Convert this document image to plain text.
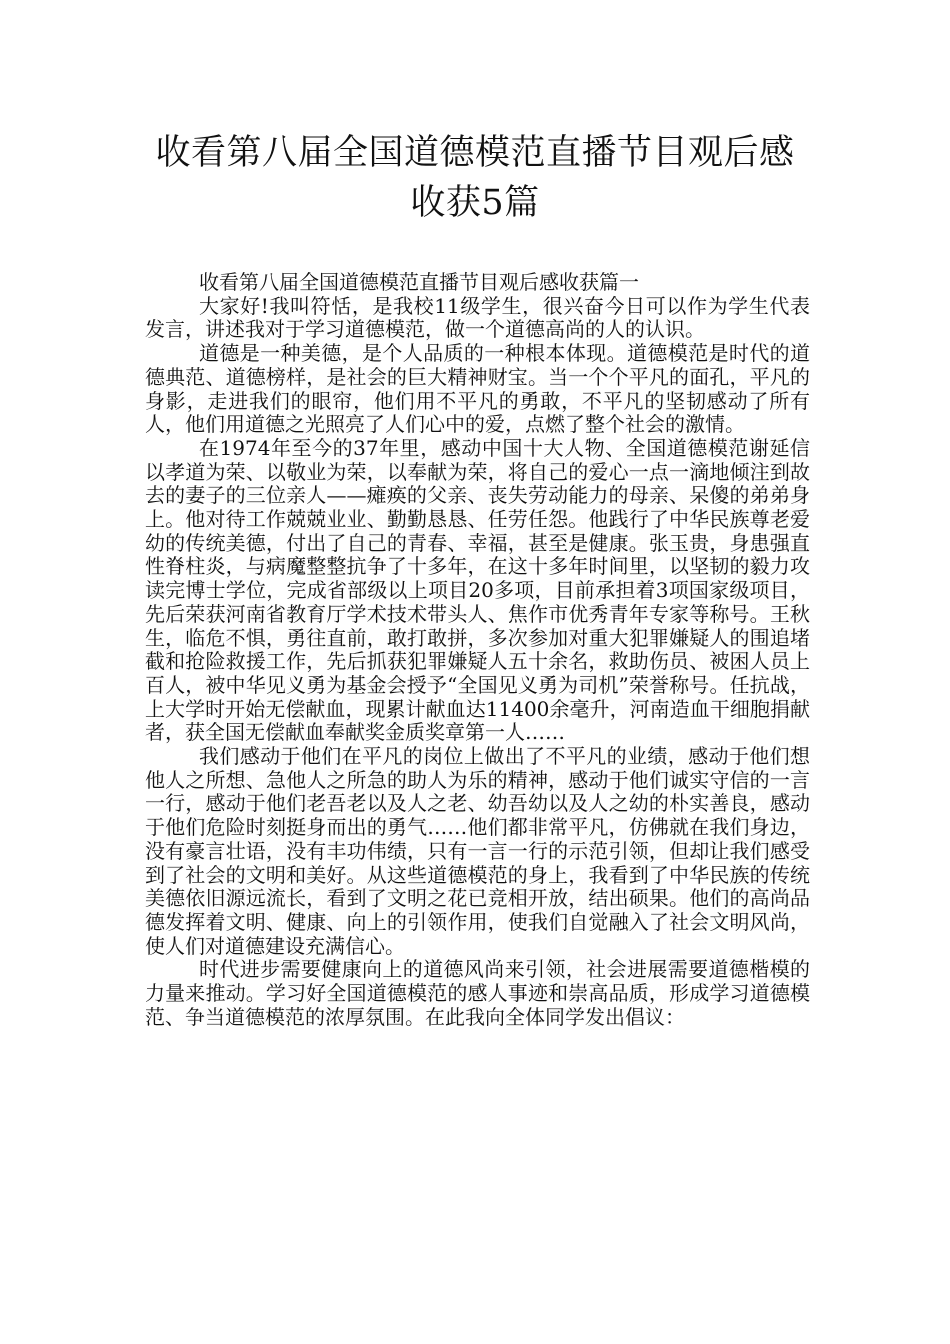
收看第八届全国道德模范直播节目观后感
收获5篇

收看第八届全国道德模范直播节目观后感收获篇一

大家好!我叫符恬，是我校11级学生，很兴奋今日可以作为学生代表发言，讲述我对于学习道德模范，做一个道德高尚的人的认识。

道德是一种美德，是个人品质的一种根本体现。道德模范是时代的道德典范、道德榜样，是社会的巨大精神财宝。当一个个平凡的面孔，平凡的身影，走进我们的眼帘，他们用不平凡的勇敢，不平凡的坚韧感动了所有人，他们用道德之光照亮了人们心中的爱，点燃了整个社会的激情。

在1974年至今的37年里，感动中国十大人物、全国道德模范谢延信以孝道为荣、以敬业为荣，以奉献为荣，将自己的爱心一点一滴地倾注到故去的妻子的三位亲人——瘫痪的父亲、丧失劳动能力的母亲、呆傻的弟弟身上。他对待工作兢兢业业、勤勤恳恳、任劳任怨。他践行了中华民族尊老爱幼的传统美德，付出了自己的青春、幸福，甚至是健康。张玉贵，身患强直性脊柱炎，与病魔整整抗争了十多年，在这十多年时间里，以坚韧的毅力攻读完博士学位，完成省部级以上项目20多项，目前承担着3项国家级项目，先后荣获河南省教育厅学术技术带头人、焦作市优秀青年专家等称号。王秋生，临危不惧，勇往直前，敢打敢拼，多次参加对重大犯罪嫌疑人的围追堵截和抢险救援工作，先后抓获犯罪嫌疑人五十余名，救助伤员、被困人员上百人，被中华见义勇为基金会授予“全国见义勇为司机”荣誉称号。任抗战，上大学时开始无偿献血，现累计献血达11400余毫升，河南造血干细胞捐献者，获全国无偿献血奉献奖金质奖章第一人……

我们感动于他们在平凡的岗位上做出了不平凡的业绩，感动于他们想他人之所想、急他人之所急的助人为乐的精神，感动于他们诚实守信的一言一行，感动于他们老吾老以及人之老、幼吾幼以及人之幼的朴实善良，感动于他们危险时刻挺身而出的勇气……他们都非常平凡，仿佛就在我们身边，没有豪言壮语，没有丰功伟绩，只有一言一行的示范引领，但却让我们感受到了社会的文明和美好。从这些道德模范的身上，我看到了中华民族的传统美德依旧源远流长，看到了文明之花已竞相开放，结出硕果。他们的高尚品德发挥着文明、健康、向上的引领作用，使我们自觉融入了社会文明风尚，使人们对道德建设充满信心。

时代进步需要健康向上的道德风尚来引领，社会进展需要道德楷模的力量来推动。学习好全国道德模范的感人事迹和崇高品质，形成学习道德模范、争当道德模范的浓厚氛围。在此我向全体同学发出倡议：
